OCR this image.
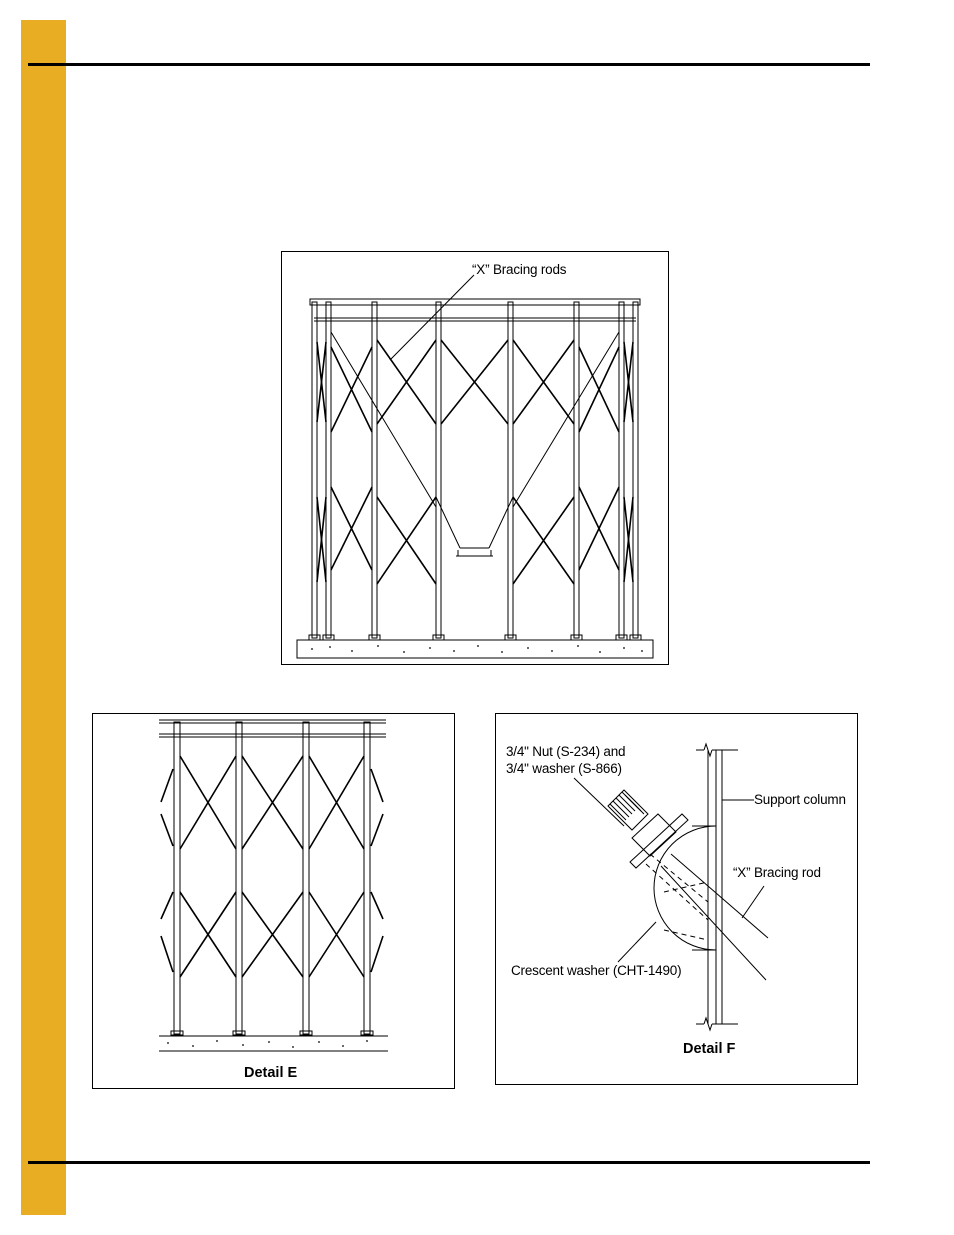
“X” Bracing rods
Detail E
3/4" Nut (S-234) and
3/4" washer (S-866)
Support column
“X” Bracing rod
Crescent washer (CHT-1490)
Detail F
